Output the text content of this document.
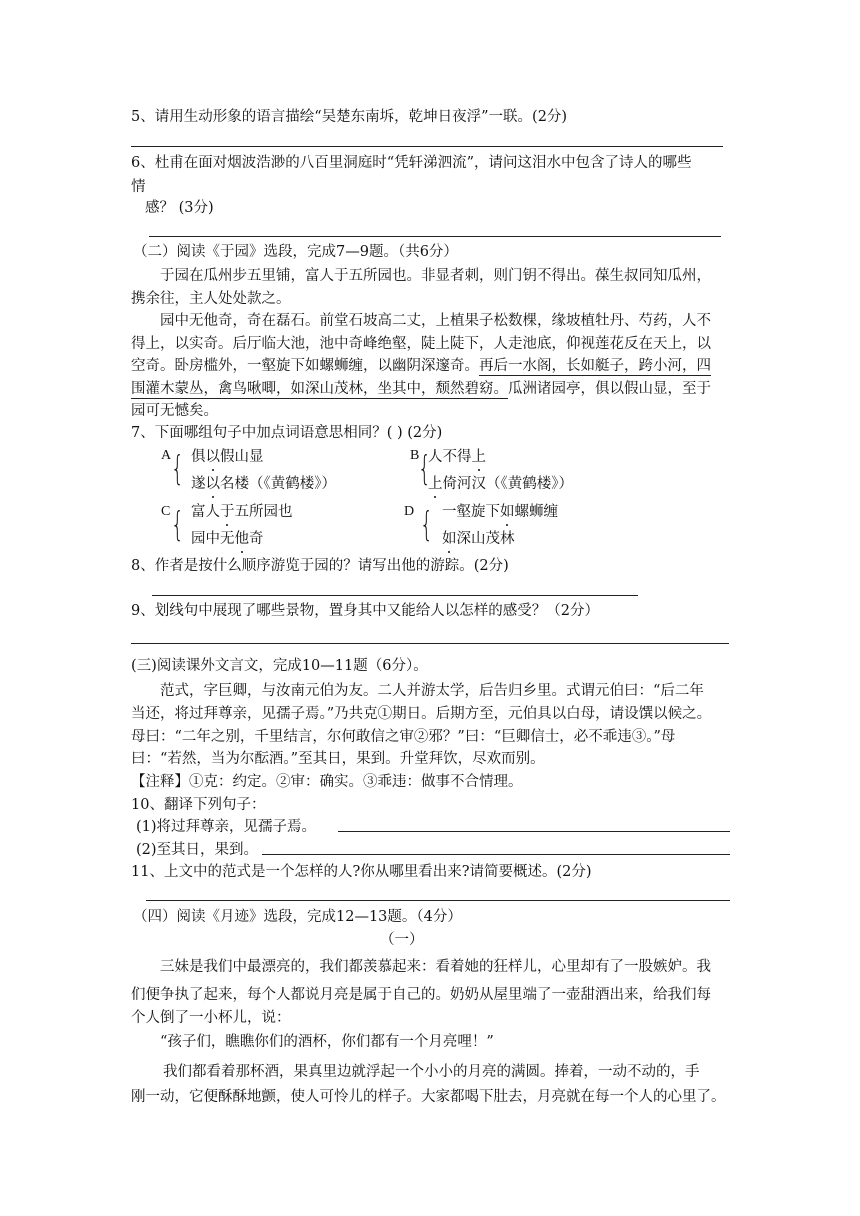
5、请用生动形象的语言描绘“吴楚东南坼，乾坤日夜浮”一联。(2分)
6、杜甫在面对烟波浩渺的八百里洞庭时“凭轩涕泗流”，请问这泪水中包含了诗人的哪些
情
感？ (3分)
（二）阅读《于园》选段，完成7—9题。（共6分）
于园在瓜州步五里铺，富人于五所园也。非显者刺，则门钥不得出。葆生叔同知瓜州，
携余往，主人处处款之。
园中无他奇，奇在磊石。前堂石坡高二丈，上植果子松数棵，缘坡植牡丹、芍药，人不
得上，以实奇。后厅临大池，池中奇峰绝壑，陡上陡下，人走池底，仰视莲花反在天上，以
空奇。卧房槛外，一壑旋下如螺蛳缠，以幽阴深邃奇。再后一水阁，长如艇子，跨小河，四
围灌木蒙丛，禽鸟啾唧，如深山茂林，坐其中，颓然碧窈。瓜洲诸园亭，俱以假山显，至于
园可无憾矣。
7、下面哪组句子中加点词语意思相同？( ) (2分)
A { 俱以假山显
遂以名楼（《黄鹤楼》）
B
{
人不得上
上倚河汉（《黄鹤楼》）
C { 富人于五所园也
园中无他奇
D { 一壑旋下如螺蛳缠
如深山茂林
8、作者是按什么顺序游览于园的？请写出他的游踪。(2分)
9、划线句中展现了哪些景物，置身其中又能给人以怎样的感受？（2分）
(三)阅读课外文言文，完成10—11题（6分）。
范式，字巨卿，与汝南元伯为友。二人并游太学，后告归乡里。式谓元伯曰：“后二年
当还，将过拜尊亲，见孺子焉。”乃共克①期日。后期方至，元伯具以白母，请设馔以候之。
母曰：“二年之别，千里结言，尔何敢信之审②邪？”曰：“巨卿信士，必不乖违③。”母
曰：“若然，当为尔酝酒。”至其日，果到。升堂拜饮，尽欢而别。
【注释】①克：约定。②审：确实。③乖违：做事不合情理。
10、翻译下列句子：
(1)将过拜尊亲，见孺子焉。
(2)至其日，果到。
11、上文中的范式是一个怎样的人?你从哪里看出来?请简要概述。(2分)
（四）阅读《月迹》选段，完成12—13题。（4分）
（一）
三妹是我们中最漂亮的，我们都羡慕起来：看着她的狂样儿，心里却有了一股嫉妒。我
们便争执了起来，每个人都说月亮是属于自己的。奶奶从屋里端了一壶甜酒出来，给我们每
个人倒了一小杯儿，说：
“孩子们，瞧瞧你们的酒杯，你们都有一个月亮哩！”
我们都看着那杯酒，果真里边就浮起一个小小的月亮的满圆。捧着，一动不动的，手
刚一动，它便酥酥地颤，使人可怜儿的样子。大家都喝下肚去，月亮就在每一个人的心里了。
